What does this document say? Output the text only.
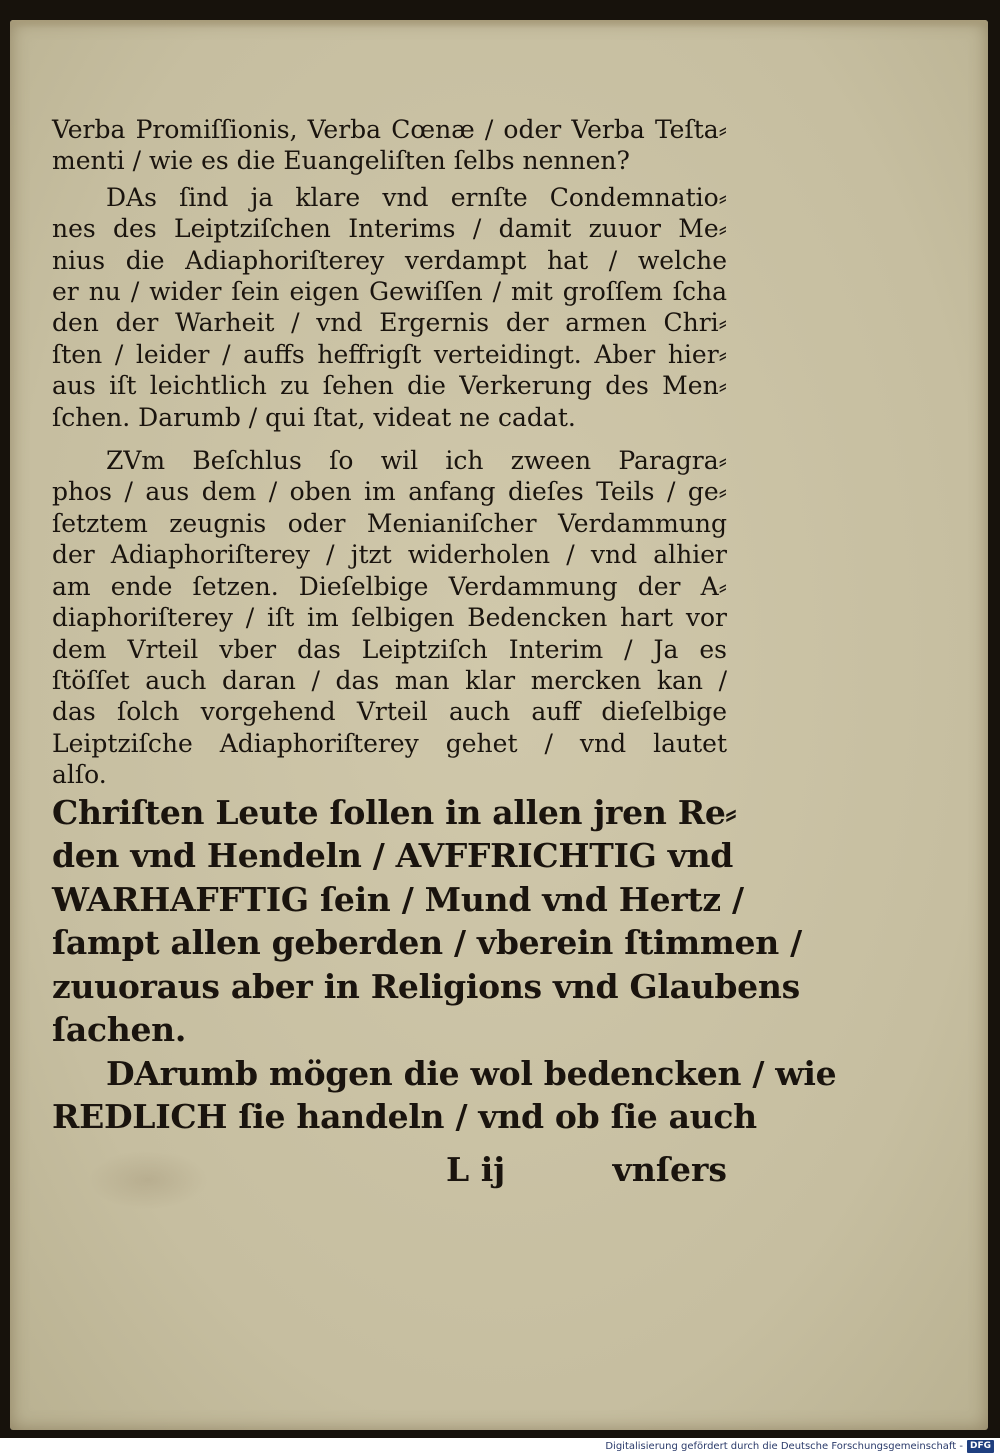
Verba Promiſſionis, Verba Cœnæ / oder Verba Teſta⸗
menti / wie es die Euangeliſten ſelbs nennen?
DAs ſind ja klare vnd ernſte Condemnatio⸗
nes des Leiptziſchen Interims / damit zuuor Me⸗
nius die Adiaphoriſterey verdampt hat / welche
er nu / wider ſein eigen Gewiſſen / mit groſſem ſcha
den der Warheit / vnd Ergernis der armen Chri⸗
ſten / leider / auffs heffrigſt verteidingt. Aber hier⸗
aus iſt leichtlich zu ſehen die Verkerung des Men⸗
ſchen. Darumb / qui ſtat, videat ne cadat.
ZVm Beſchlus ſo wil ich zween Paragra⸗
phos / aus dem / oben im anfang dieſes Teils / ge⸗
ſetztem zeugnis oder Menianiſcher Verdammung
der Adiaphoriſterey / jtzt widerholen / vnd alhier
am ende ſetzen. Dieſelbige Verdammung der A⸗
diaphoriſterey / iſt im ſelbigen Bedencken hart vor
dem Vrteil vber das Leiptziſch Interim / Ja es
ſtöſſet auch daran / das man klar mercken kan /
das ſolch vorgehend Vrteil auch auff dieſelbige
Leiptziſche Adiaphoriſterey gehet / vnd lautet
alſo.
Chriſten Leute ſollen in allen jren Re⸗
den vnd Hendeln / AVFFRICHTIG vnd
WARHAFFTIG ſein / Mund vnd Hertz /
ſampt allen geberden / vberein ſtimmen /
zuuoraus aber in Religions vnd Glaubens
ſachen.
DArumb mögen die wol bedencken / wie
REDLICH ſie handeln / vnd ob ſie auch
L ij	vnſers
Digitalisierung gefördert durch die Deutsche Forschungsgemeinschaft - DFG
